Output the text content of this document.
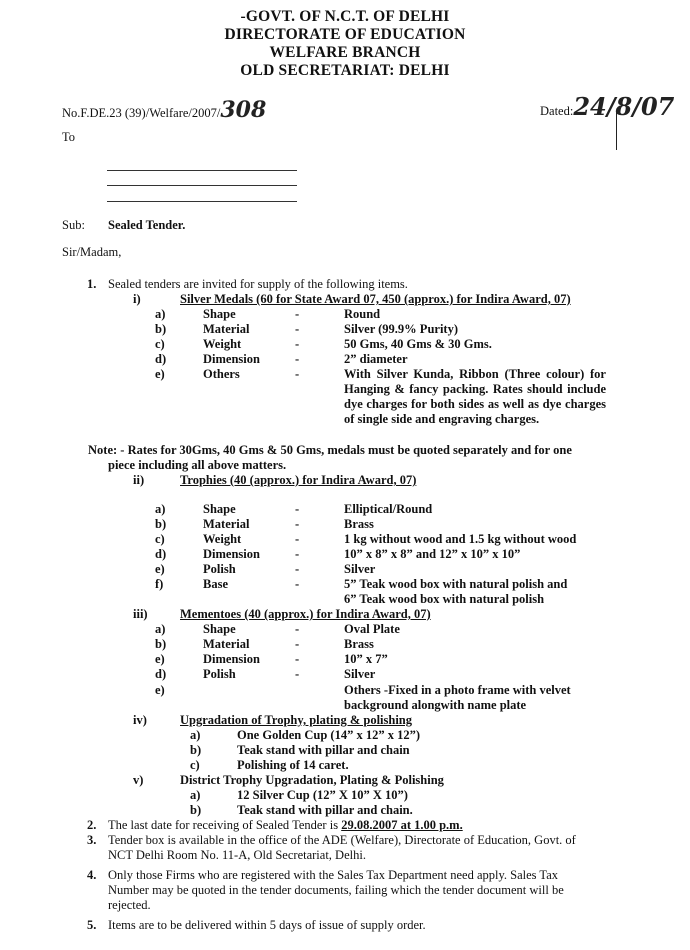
-GOVT. OF N.C.T. OF DELHI
DIRECTORATE OF EDUCATION
WELFARE BRANCH
OLD SECRETARIAT: DELHI
No.F.DE.23 (39)/Welfare/2007/308	Dated:24/8/07
To
Sub: Sealed Tender.
Sir/Madam,
1. Sealed tenders are invited for supply of the following items.
i)	Silver Medals (60 for State Award 07, 450 (approx.) for Indira Award, 07)
a)	Shape	-	Round
b)	Material	-	Silver (99.9% Purity)
c)	Weight	-	50 Gms, 40 Gms & 30 Gms.
d)	Dimension	-	2” diameter
e)	Others	-	With Silver Kunda, Ribbon (Three colour) for Hanging & fancy packing. Rates should include dye charges for both sides as well as dye charges of single side and engraving charges.
Note: - Rates for 30Gms, 40 Gms & 50 Gms, medals must be quoted separately and for one
piece including all above matters.
ii)	Trophies (40 (approx.) for Indira Award, 07)
a)	Shape	-	Elliptical/Round
b)	Material	-	Brass
c)	Weight	-	1 kg without wood and 1.5 kg without wood
d)	Dimension	-	10” x 8” x 8” and 12” x 10” x 10”
e)	Polish	-	Silver
f)	Base	-	5” Teak wood box with natural polish and
6” Teak wood box with natural polish
iii)	Mementoes (40 (approx.) for Indira Award, 07)
a)	Shape	-	Oval Plate
b)	Material	-	Brass
e)	Dimension	-	10” x 7”
d)	Polish	-	Silver
e)	Others -Fixed in a photo frame with velvet
background alongwith name plate
iv)	Upgradation of Trophy, plating & polishing
a)	One Golden Cup (14” x 12” x 12”)
b)	Teak stand with pillar and chain
c)	Polishing of 14 caret.
v)	District Trophy Upgradation, Plating & Polishing
a)	12 Silver Cup (12” X 10” X 10”)
b)	Teak stand with pillar and chain.
2. The last date for receiving of Sealed Tender is 29.08.2007 at 1.00 p.m.
3. Tender box is available in the office of the ADE (Welfare), Directorate of Education, Govt. of
NCT Delhi Room No. 11-A, Old Secretariat, Delhi.
4. Only those Firms who are registered with the Sales Tax Department need apply. Sales Tax
Number may be quoted in the tender documents, failing which the tender document will be
rejected.
5. Items are to be delivered within 5 days of issue of supply order.
